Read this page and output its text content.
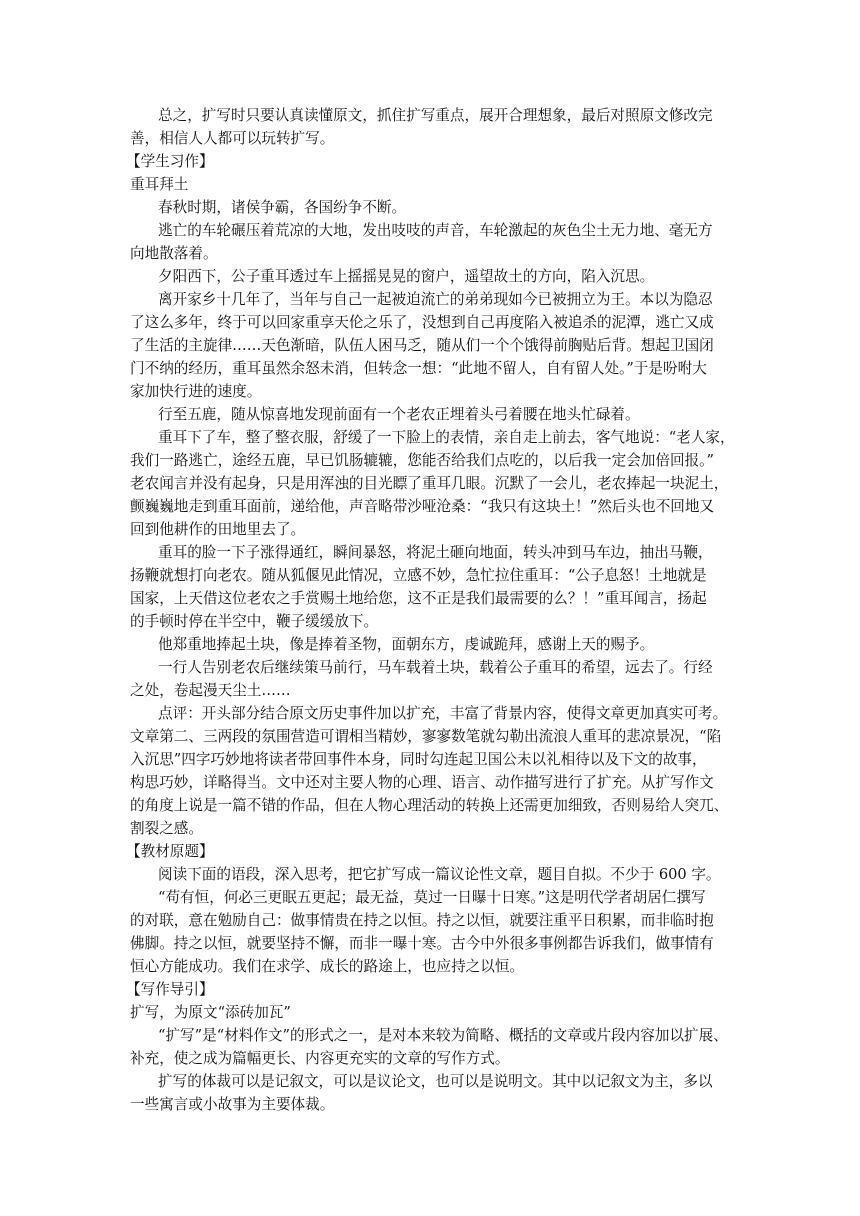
总之，扩写时只要认真读懂原文，抓住扩写重点，展开合理想象，最后对照原文修改完
善，相信人人都可以玩转扩写。
【学生习作】
重耳拜土
春秋时期，诸侯争霸，各国纷争不断。
逃亡的车轮碾压着荒凉的大地，发出吱吱的声音，车轮激起的灰色尘土无力地、毫无方
向地散落着。
夕阳西下，公子重耳透过车上摇摇晃晃的窗户，遥望故土的方向，陷入沉思。
离开家乡十几年了，当年与自己一起被迫流亡的弟弟现如今已被拥立为王。本以为隐忍
了这么多年，终于可以回家重享天伦之乐了，没想到自己再度陷入被追杀的泥潭，逃亡又成
了生活的主旋律……天色渐暗，队伍人困马乏，随从们一个个饿得前胸贴后背。想起卫国闭
门不纳的经历，重耳虽然余怒未消，但转念一想：“此地不留人，自有留人处。”于是吩咐大
家加快行进的速度。
行至五鹿，随从惊喜地发现前面有一个老农正埋着头弓着腰在地头忙碌着。
重耳下了车，整了整衣服，舒缓了一下脸上的表情，亲自走上前去，客气地说：“老人家，
我们一路逃亡，途经五鹿，早已饥肠辘辘，您能否给我们点吃的，以后我一定会加倍回报。”
老农闻言并没有起身，只是用浑浊的目光瞟了重耳几眼。沉默了一会儿，老农捧起一块泥土，
颤巍巍地走到重耳面前，递给他，声音略带沙哑沧桑：“我只有这块土！”然后头也不回地又
回到他耕作的田地里去了。
重耳的脸一下子涨得通红，瞬间暴怒，将泥土砸向地面，转头冲到马车边，抽出马鞭，
扬鞭就想打向老农。随从狐偃见此情况，立感不妙，急忙拉住重耳：“公子息怒！土地就是
国家，上天借这位老农之手赏赐土地给您，这不正是我们最需要的么？！”重耳闻言，扬起
的手顿时停在半空中，鞭子缓缓放下。
他郑重地捧起土块，像是捧着圣物，面朝东方，虔诚跪拜，感谢上天的赐予。
一行人告别老农后继续策马前行，马车载着土块，载着公子重耳的希望，远去了。行经
之处，卷起漫天尘土……
点评：开头部分结合原文历史事件加以扩充，丰富了背景内容，使得文章更加真实可考。
文章第二、三两段的氛围营造可谓相当精妙，寥寥数笔就勾勒出流浪人重耳的悲凉景况，“陷
入沉思”四字巧妙地将读者带回事件本身，同时勾连起卫国公未以礼相待以及下文的故事，
构思巧妙，详略得当。文中还对主要人物的心理、语言、动作描写进行了扩充。从扩写作文
的角度上说是一篇不错的作品，但在人物心理活动的转换上还需更加细致，否则易给人突兀、
割裂之感。
【教材原题】
阅读下面的语段，深入思考，把它扩写成一篇议论性文章，题目自拟。不少于 600 字。
“苟有恒，何必三更眠五更起；最无益，莫过一日曝十日寒。”这是明代学者胡居仁撰写
的对联，意在勉励自己：做事情贵在持之以恒。持之以恒，就要注重平日积累，而非临时抱
佛脚。持之以恒，就要坚持不懈，而非一曝十寒。古今中外很多事例都告诉我们，做事情有
恒心方能成功。我们在求学、成长的路途上，也应持之以恒。
【写作导引】
扩写，为原文“添砖加瓦”
“扩写”是“材料作文”的形式之一，是对本来较为简略、概括的文章或片段内容加以扩展、
补充，使之成为篇幅更长、内容更充实的文章的写作方式。
扩写的体裁可以是记叙文，可以是议论文，也可以是说明文。其中以记叙文为主，多以
一些寓言或小故事为主要体裁。
